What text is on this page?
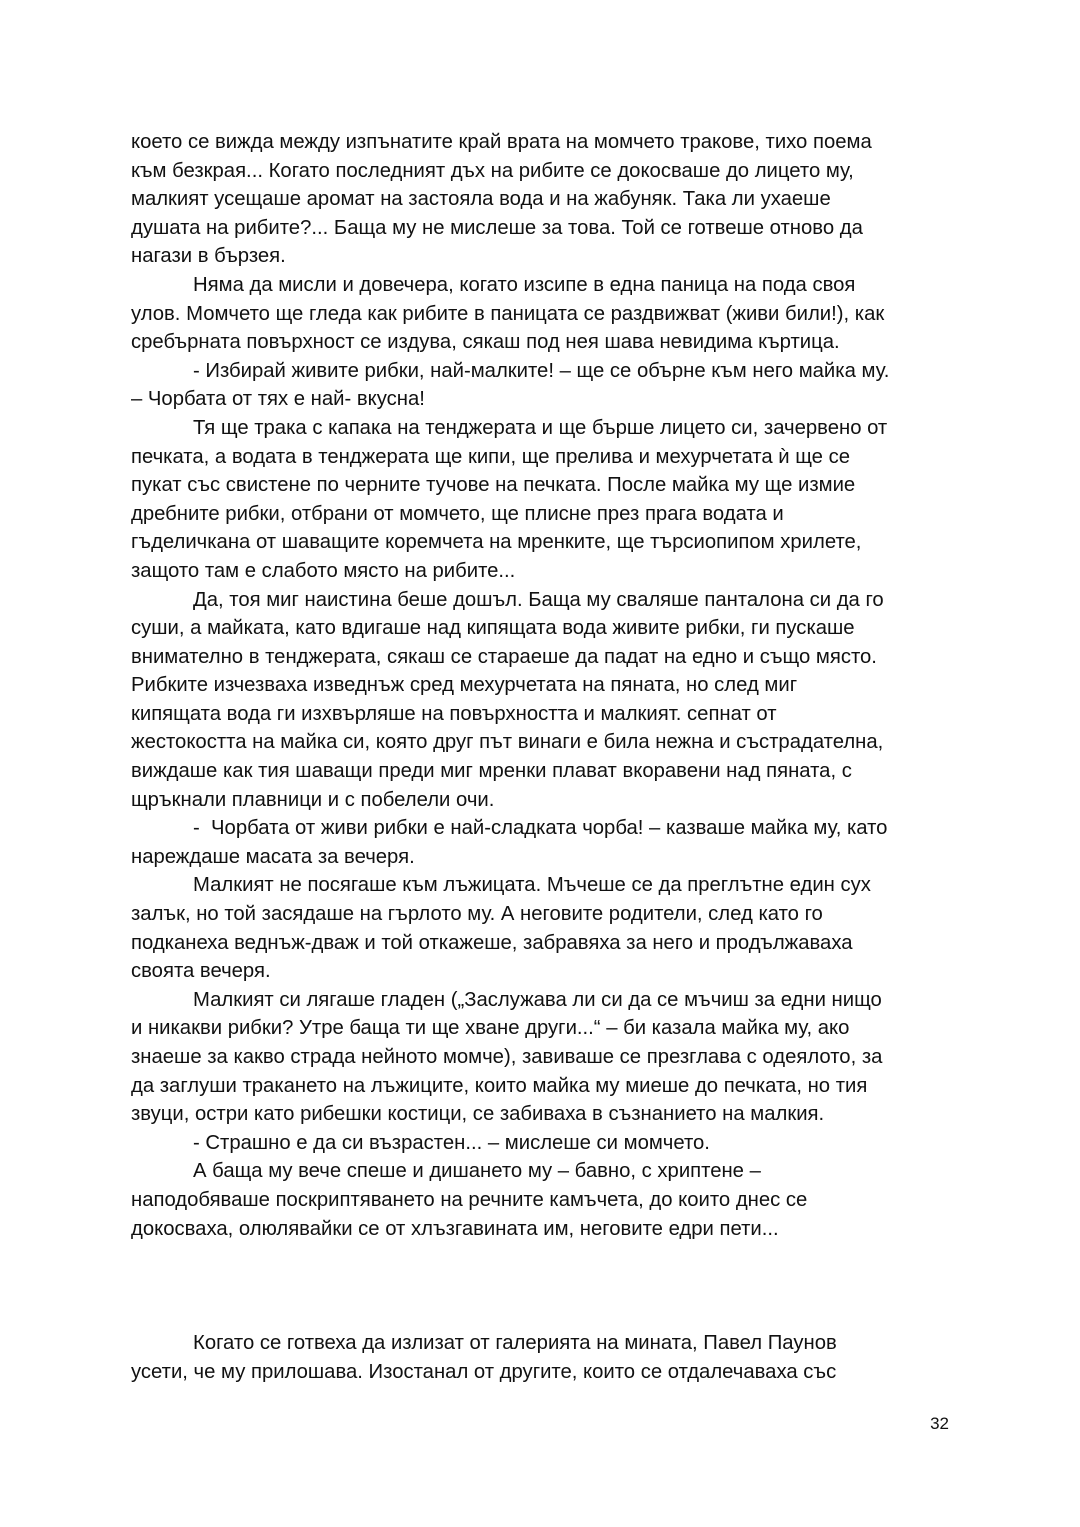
което се вижда между изпънатите край врата на момчето тракове, тихо поема
към безкрая... Когато последният дъх на рибите се докосваше до лицето му,
малкият усещаше аромат на застояла вода и на жабуняк. Така ли ухаеше
душата на рибите?... Баща му не мислеше за това. Той се готвеше отново да
нагази в бързея.
Няма да мисли и довечера, когато изсипе в една паница на пода своя
улов. Момчето ще гледа как рибите в паницата се раздвижват (живи били!), как
сребърната повърхност се издува, сякаш под нея шава невидима къртица.
- Избирай живите рибки, най-малките! – ще се обърне към него майка му.
– Чорбата от тях е най- вкусна!
Тя ще трака с капака на тенджерата и ще бърше лицето си, зачервено от
печката, а водата в тенджерата ще кипи, ще прелива и мехурчетата ѝ ще се
пукат със свистене по черните тучове на печката. После майка му ще измие
дребните рибки, отбрани от момчето, ще плисне през прага водата и
гъделичкана от шаващите коремчета на мренките, ще търсиопипом хрилете,
защото там е слабото място на рибите...
Да, тоя миг наистина беше дошъл. Баща му сваляше панталона си да го
суши, а майката, като вдигаше над кипящата вода живите рибки, ги пускаше
внимателно в тенджерата, сякаш се стараеше да падат на едно и също място.
Рибките изчезваха изведнъж сред мехурчетата на пяната, но след миг
кипящата вода ги изхвърляше на повърхността и малкият. сепнат от
жестокостта на майка си, която друг път винаги е била нежна и състрадателна,
виждаше как тия шаващи преди миг мренки плават вкоравени над пяната, с
щръкнали плавници и с побелели очи.
-  Чорбата от живи рибки е най-сладката чорба! – казваше майка му, като
нареждаше масата за вечеря.
Малкият не посягаше към лъжицата. Мъчеше се да преглътне един сух
залък, но той засядаше на гърлото му. А неговите родители, след като го
подканеха веднъж-дваж и той откажеше, забравяха за него и продължаваха
своята вечеря.
Малкият си лягаше гладен („Заслужава ли си да се мъчиш за едни нищо
и никакви рибки? Утре баща ти ще хване други...“ – би казала майка му, ако
знаеше за какво страда нейното момче), завиваше се презглава с одеялото, за
да заглуши тракането на лъжиците, които майка му миеше до печката, но тия
звуци, остри като рибешки костици, се забиваха в съзнанието на малкия.
- Страшно е да си възрастен... – мислеше си момчето.
А баща му вече спеше и дишането му – бавно, с хриптене –
наподобяваше поскриптяването на речните камъчета, до които днес се
докосваха, олюлявайки се от хлъзгавината им, неговите едри пети...
Когато се готвеха да излизат от галерията на мината, Павел Паунов
усети, че му прилошава. Изостанал от другите, които се отдалечаваха със
32
